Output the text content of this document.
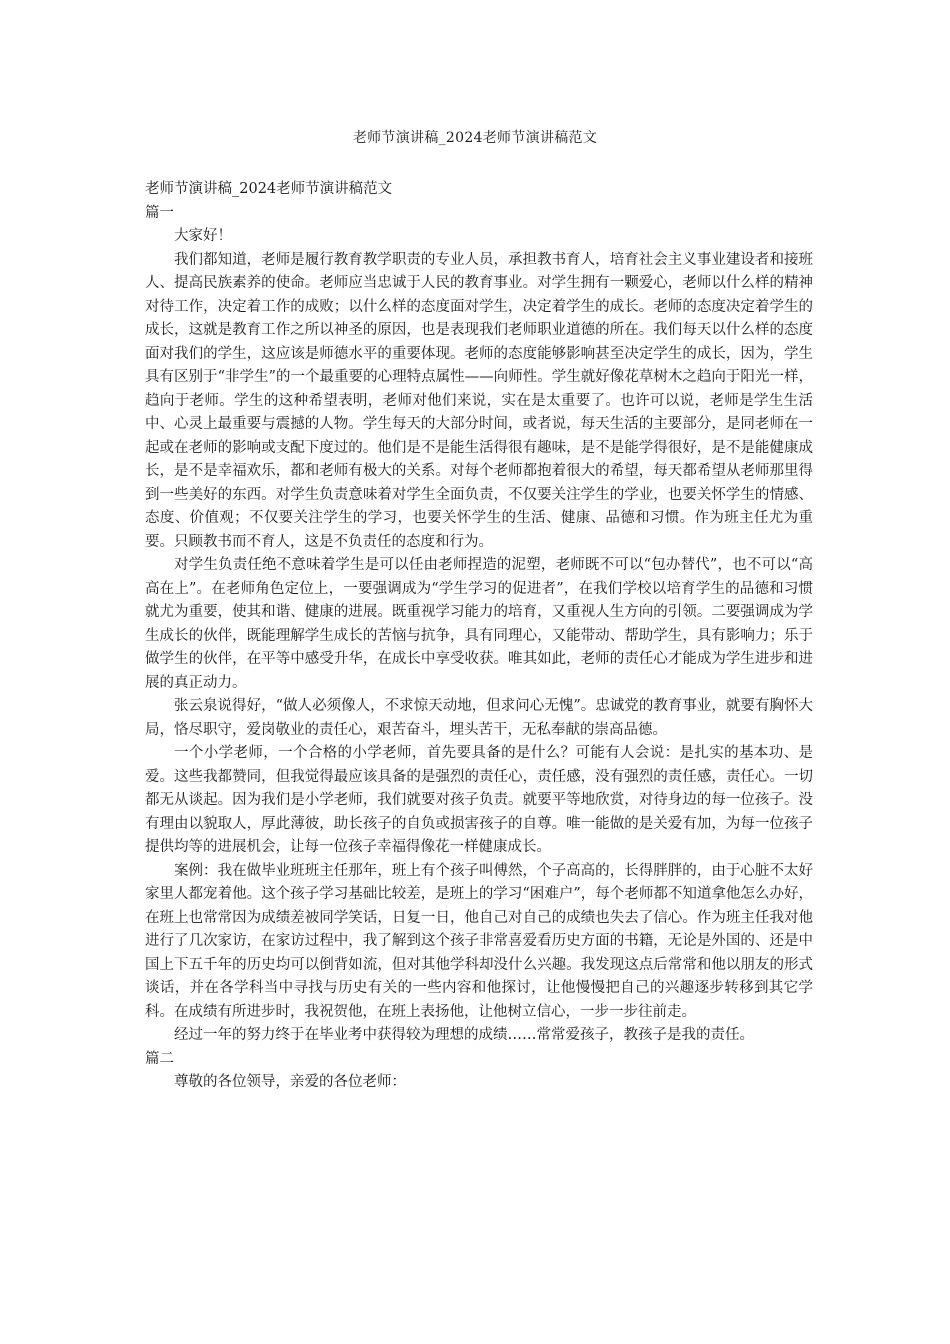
老师节演讲稿_2024老师节演讲稿范文

老师节演讲稿_2024老师节演讲稿范文

篇一

大家好！

我们都知道，老师是履行教育教学职责的专业人员，承担教书育人，培育社会主义事业建设者和接班人、提高民族素养的使命。老师应当忠诚于人民的教育事业。对学生拥有一颗爱心，老师以什么样的精神对待工作，决定着工作的成败；以什么样的态度面对学生，决定着学生的成长。老师的态度决定着学生的成长，这就是教育工作之所以神圣的原因，也是表现我们老师职业道德的所在。我们每天以什么样的态度面对我们的学生，这应该是师德水平的重要体现。老师的态度能够影响甚至决定学生的成长，因为，学生具有区别于“非学生”的一个最重要的心理特点属性——向师性。学生就好像花草树木之趋向于阳光一样，趋向于老师。学生的这种希望表明，老师对他们来说，实在是太重要了。也许可以说，老师是学生生活中、心灵上最重要与震撼的人物。学生每天的大部分时间，或者说，每天生活的主要部分，是同老师在一起或在老师的影响或支配下度过的。他们是不是能生活得很有趣味，是不是能学得很好，是不是能健康成长，是不是幸福欢乐，都和老师有极大的关系。对每个老师都抱着很大的希望，每天都希望从老师那里得到一些美好的东西。对学生负责意味着对学生全面负责，不仅要关注学生的学业，也要关怀学生的情感、态度、价值观；不仅要关注学生的学习，也要关怀学生的生活、健康、品德和习惯。作为班主任尤为重要。只顾教书而不育人，这是不负责任的态度和行为。

对学生负责任绝不意味着学生是可以任由老师捏造的泥塑，老师既不可以“包办替代”，也不可以“高高在上”。在老师角色定位上，一要强调成为“学生学习的促进者”，在我们学校以培育学生的品德和习惯就尤为重要，使其和谐、健康的进展。既重视学习能力的培育，又重视人生方向的引领。二要强调成为学生成长的伙伴，既能理解学生成长的苦恼与抗争，具有同理心，又能带动、帮助学生，具有影响力；乐于做学生的伙伴，在平等中感受升华，在成长中享受收获。唯其如此，老师的责任心才能成为学生进步和进展的真正动力。

张云泉说得好，“做人必须像人，不求惊天动地，但求问心无愧”。忠诚党的教育事业，就要有胸怀大局，恪尽职守，爱岗敬业的责任心，艰苦奋斗，埋头苦干，无私奉献的崇高品德。

一个小学老师，一个合格的小学老师，首先要具备的是什么？可能有人会说：是扎实的基本功、是爱。这些我都赞同，但我觉得最应该具备的是强烈的责任心，责任感，没有强烈的责任感，责任心。一切都无从谈起。因为我们是小学老师，我们就要对孩子负责。就要平等地欣赏，对待身边的每一位孩子。没有理由以貌取人，厚此薄彼，助长孩子的自负或损害孩子的自尊。唯一能做的是关爱有加，为每一位孩子提供均等的进展机会，让每一位孩子幸福得像花一样健康成长。

案例：我在做毕业班班主任那年，班上有个孩子叫傅然，个子高高的，长得胖胖的，由于心脏不太好家里人都宠着他。这个孩子学习基础比较差，是班上的学习“困难户”，每个老师都不知道拿他怎么办好，在班上也常常因为成绩差被同学笑话，日复一日，他自己对自己的成绩也失去了信心。作为班主任我对他进行了几次家访，在家访过程中，我了解到这个孩子非常喜爱看历史方面的书籍，无论是外国的、还是中国上下五千年的历史均可以倒背如流，但对其他学科却没什么兴趣。我发现这点后常常和他以朋友的形式谈话，并在各学科当中寻找与历史有关的一些内容和他探讨，让他慢慢把自己的兴趣逐步转移到其它学科。在成绩有所进步时，我祝贺他，在班上表扬他，让他树立信心，一步一步往前走。

经过一年的努力终于在毕业考中获得较为理想的成绩……常常爱孩子，教孩子是我的责任。

篇二

尊敬的各位领导，亲爱的各位老师：
